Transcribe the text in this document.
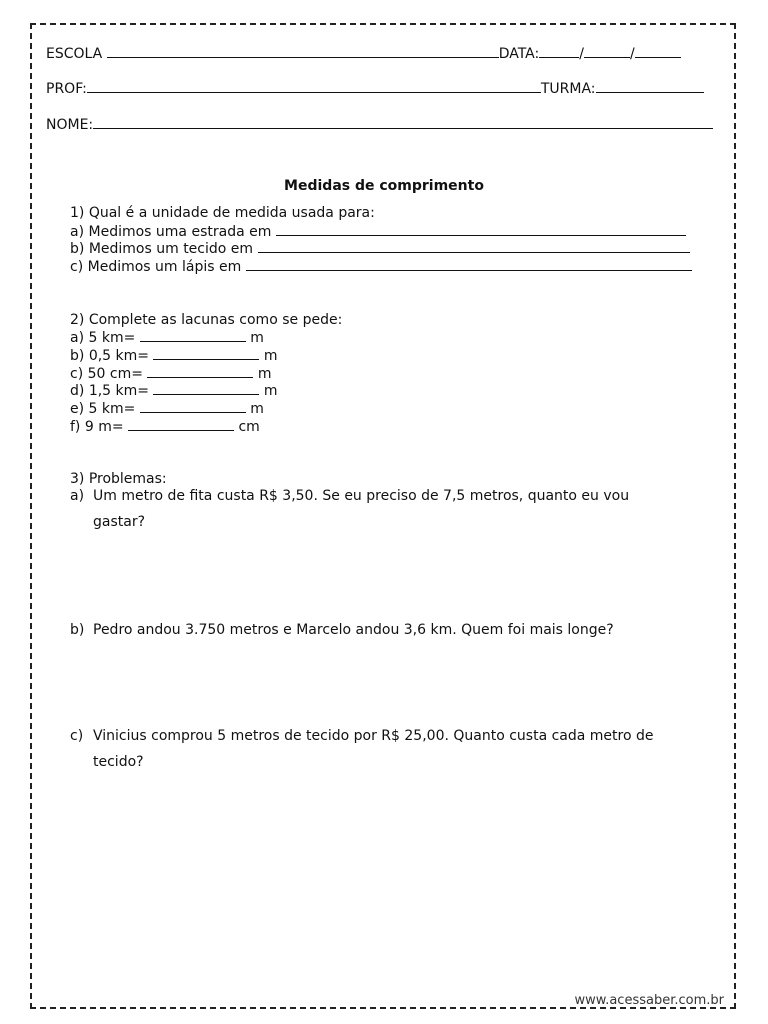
ESCOLA	DATA:	/	/
PROF:	TURMA:
NOME:
Medidas de comprimento
1) Qual é a unidade de medida usada para:
a) Medimos uma estrada em
b) Medimos um tecido em
c) Medimos um lápis em
2) Complete as lacunas como se pede:
a) 5 km=	m
b) 0,5 km=	m
c) 50 cm=	m
d) 1,5 km=	m
e) 5 km=	m
f) 9 m=	cm
3) Problemas:
a) Um metro de fita custa R$ 3,50. Se eu preciso de 7,5 metros, quanto eu vou
gastar?
b) Pedro andou 3.750 metros e Marcelo andou 3,6 km. Quem foi mais longe?
c) Vinicius comprou 5 metros de tecido por R$ 25,00. Quanto custa cada metro de
tecido?
www.acessaber.com.br
